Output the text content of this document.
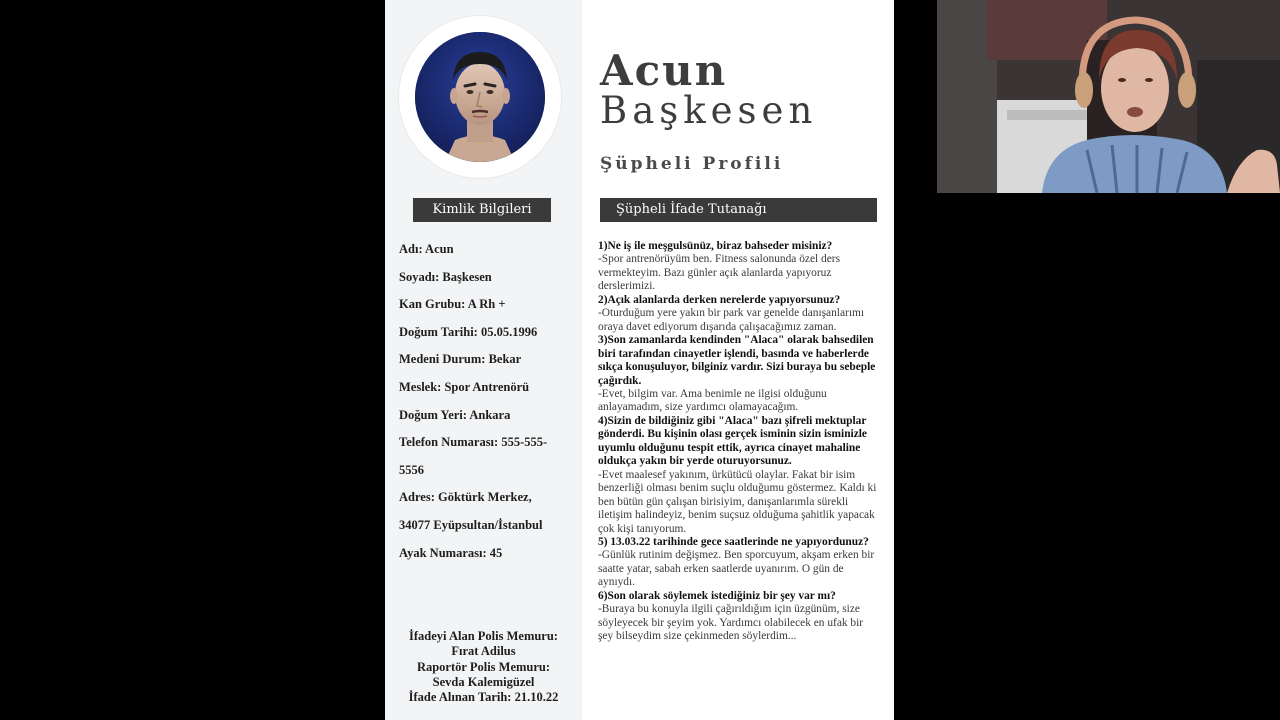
Kimlik Bilgileri
Adı: Acun
Soyadı: Başkesen
Kan Grubu: A Rh +
Doğum Tarihi: 05.05.1996
Medeni Durum: Bekar
Meslek: Spor Antrenörü
Doğum Yeri: Ankara
Telefon Numarası: 555-555-
5556
Adres: Göktürk Merkez,
34077 Eyüpsultan/İstanbul
Ayak Numarası: 45
İfadeyi Alan Polis Memuru:
Fırat Adilus
Raportör Polis Memuru:
Sevda Kalemigüzel
İfade Alınan Tarih: 21.10.22
Acun
Başkesen
Şüpheli Profili
Şüpheli İfade Tutanağı
1)Ne iş ile meşgulsünüz, biraz bahseder misiniz?
-Spor antrenörüyüm ben. Fitness salonunda özel ders vermekteyim. Bazı günler açık alanlarda yapıyoruz derslerimizi.
2)Açık alanlarda derken nerelerde yapıyorsunuz?
-Oturduğum yere yakın bir park var genelde danışanlarımı oraya davet ediyorum dışarıda çalışacağımız zaman.
3)Son zamanlarda kendinden "Alaca" olarak bahsedilen biri tarafından cinayetler işlendi, basında ve haberlerde sıkça konuşuluyor, bilginiz vardır. Sizi buraya bu sebeple çağırdık.
-Evet, bilgim var. Ama benimle ne ilgisi olduğunu anlayamadım, size yardımcı olamayacağım.
4)Sizin de bildiğiniz gibi "Alaca" bazı şifreli mektuplar gönderdi. Bu kişinin olası gerçek isminin sizin isminizle uyumlu olduğunu tespit ettik, ayrıca cinayet mahaline oldukça yakın bir yerde oturuyorsunuz.
-Evet maalesef yakınım, ürkütücü olaylar. Fakat bir isim benzerliği olması benim suçlu olduğumu göstermez. Kaldı ki ben bütün gün çalışan birisiyim, danışanlarımla sürekli iletişim halindeyiz, benim suçsuz olduğuma şahitlik yapacak çok kişi tanıyorum.
5) 13.03.22 tarihinde gece saatlerinde ne yapıyordunuz?
-Günlük rutinim değişmez. Ben sporcuyum, akşam erken bir saatte yatar, sabah erken saatlerde uyanırım. O gün de aynıydı.
6)Son olarak söylemek istediğiniz bir şey var mı?
-Buraya bu konuyla ilgili çağırıldığım için üzgünüm, size söyleyecek bir şeyim yok. Yardımcı olabilecek en ufak bir şey bilseydim size çekinmeden söylerdim...
